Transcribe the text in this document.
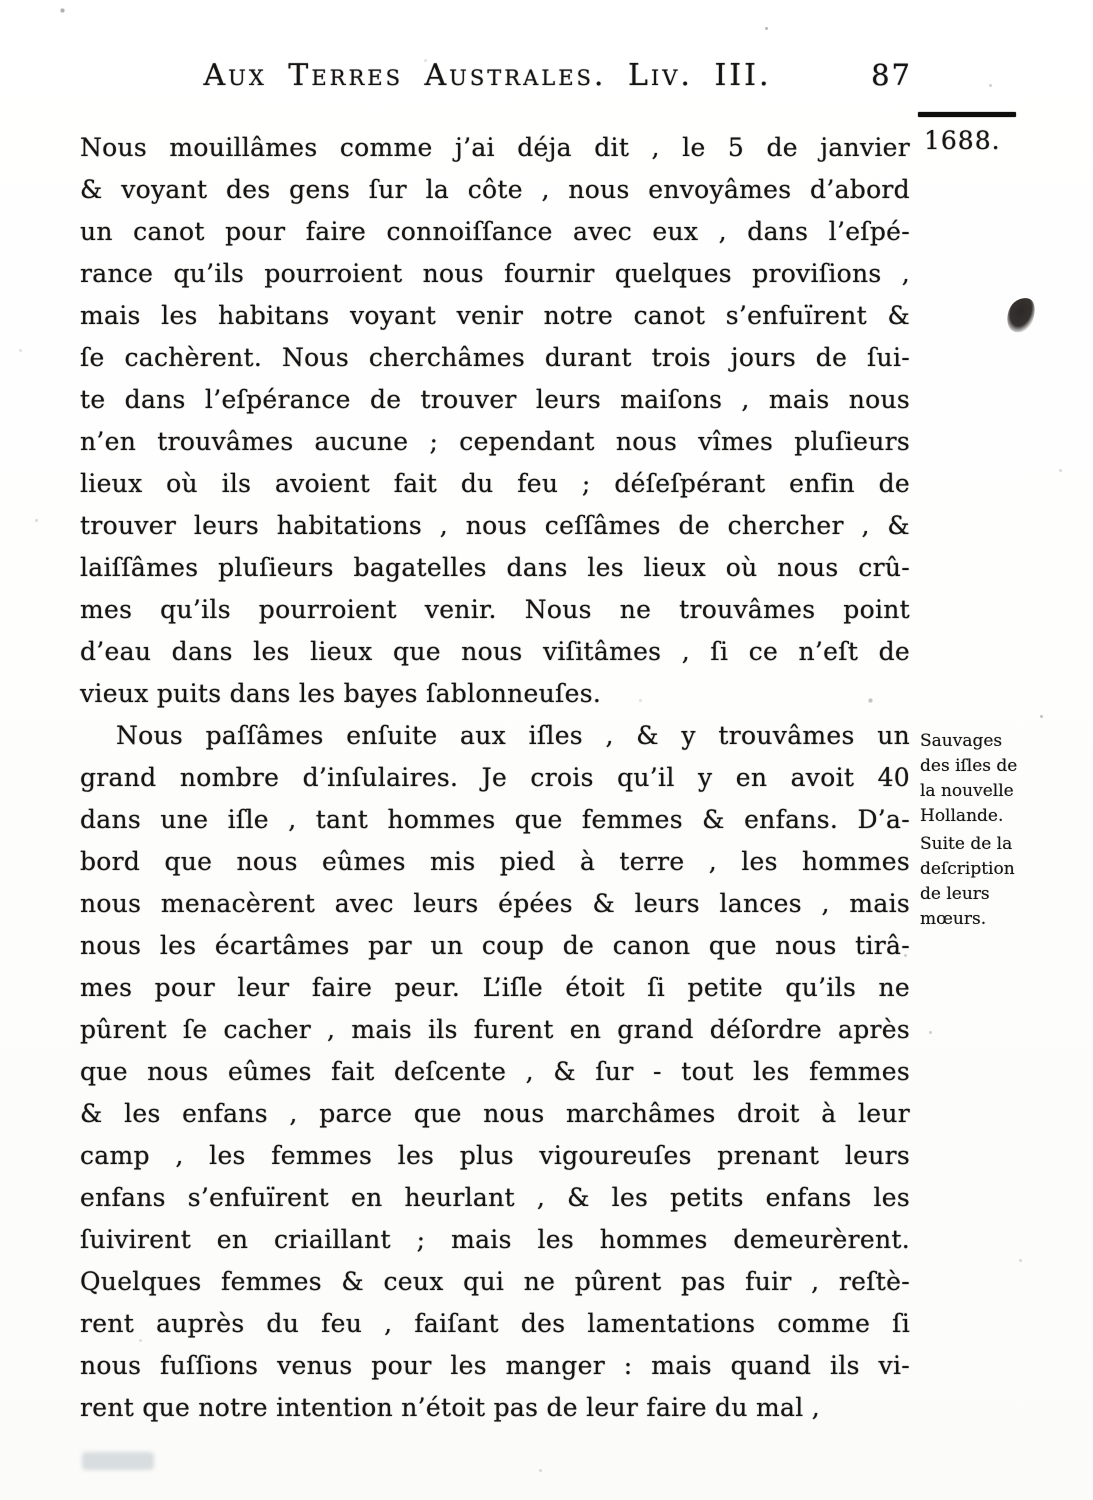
Aux Terres Australes. Liv. III.	87
Nous mouillâmes comme j’ai déja dit , le 5 de janvier
& voyant des gens ſur la côte , nous envoyâmes d’abord
un canot pour faire connoiſſance avec eux , dans l’eſpé-
rance qu’ils pourroient nous fournir quelques proviſions ,
mais les habitans voyant venir notre canot s’enfuïrent &
ſe cachèrent. Nous cherchâmes durant trois jours de ſui-
te dans l’eſpérance de trouver leurs maiſons , mais nous
n’en trouvâmes aucune ; cependant nous vîmes pluſieurs
lieux où ils avoient fait du feu ; déſeſpérant enfin de
trouver leurs habitations , nous ceſſâmes de chercher , &
laiſſâmes pluſieurs bagatelles dans les lieux où nous crû-
mes qu’ils pourroient venir. Nous ne trouvâmes point
d’eau dans les lieux que nous viſitâmes , ſi ce n’eſt de
vieux puits dans les bayes ſablonneuſes.
Nous paſſâmes enſuite aux iſles , & y trouvâmes un
grand nombre d’inſulaires. Je crois qu’il y en avoit 40
dans une iſle , tant hommes que femmes & enfans. D’a-
bord que nous eûmes mis pied à terre , les hommes
nous menacèrent avec leurs épées & leurs lances , mais
nous les écartâmes par un coup de canon que nous tirâ-
mes pour leur faire peur. L’iſle étoit ſi petite qu’ils ne
pûrent ſe cacher , mais ils furent en grand déſordre après
que nous eûmes fait deſcente , & ſur - tout les femmes
& les enfans , parce que nous marchâmes droit à leur
camp , les femmes les plus vigoureuſes prenant leurs
enfans s’enfuïrent en heurlant , & les petits enfans les
ſuivirent en criaillant ; mais les hommes demeurèrent.
Quelques femmes & ceux qui ne pûrent pas fuir , reſtè-
rent auprès du feu , faiſant des lamentations comme ſi
nous fuſſions venus pour les manger : mais quand ils vi-
rent que notre intention n’étoit pas de leur faire du mal ,
1688.
Sauvages
des iſles de
la nouvelle
Hollande.
Suite de la
deſcription
de leurs
mœurs.
